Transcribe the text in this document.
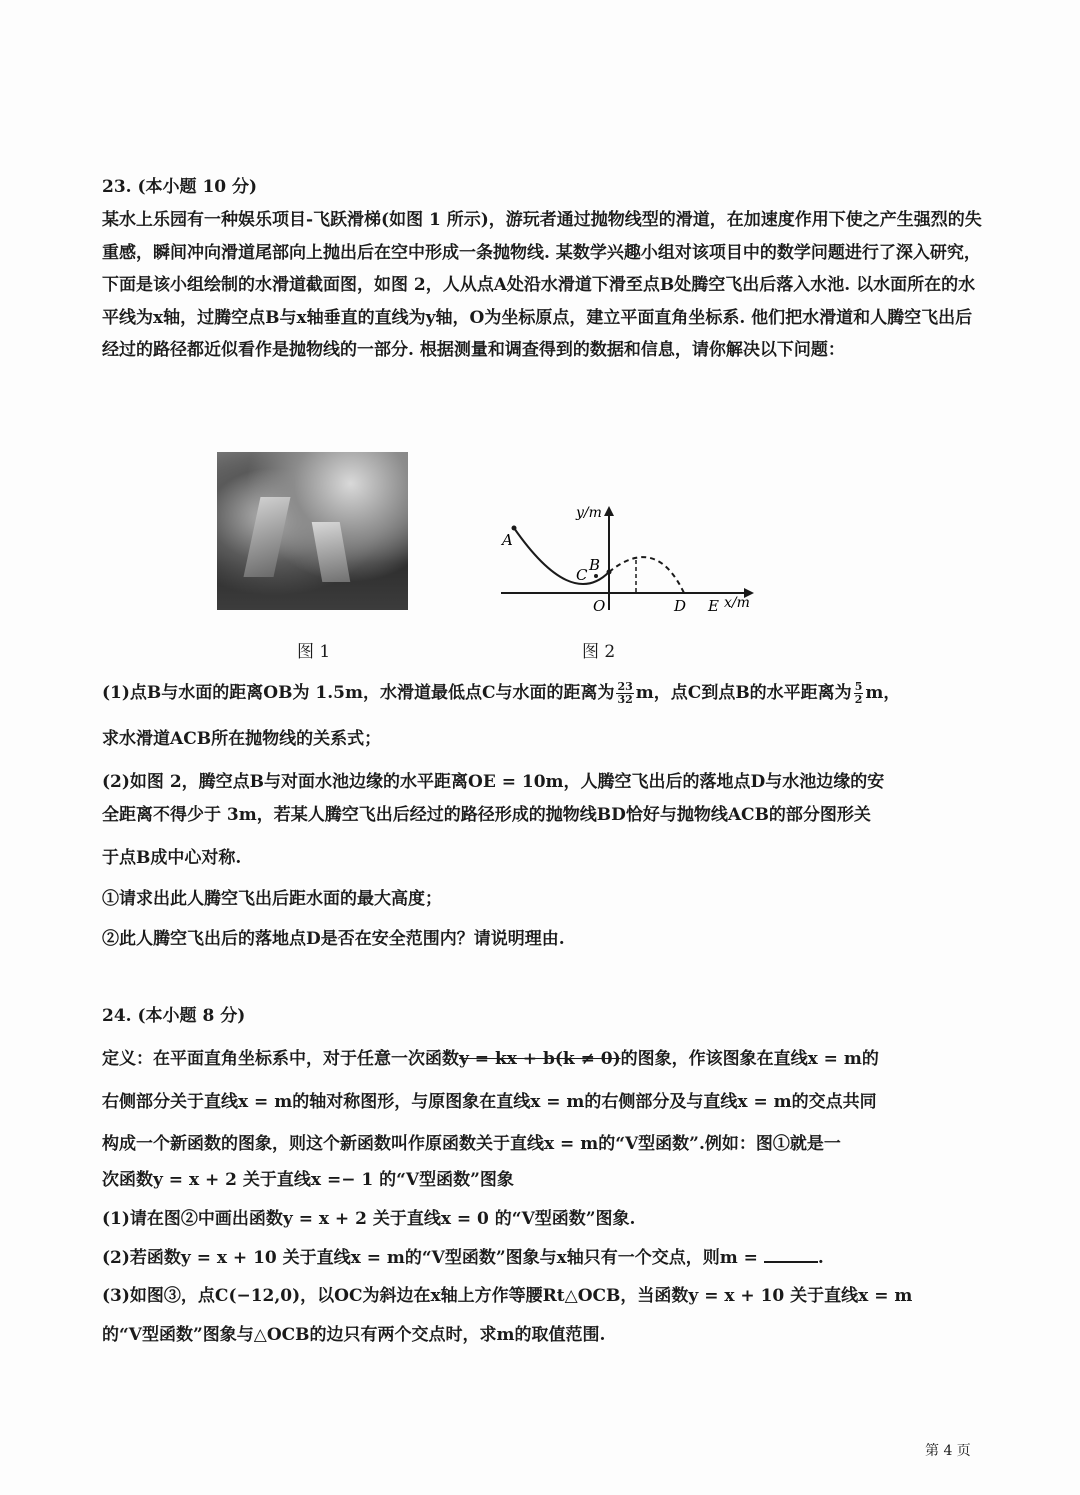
23. (本小题 10 分)
某水上乐园有一种娱乐项目-飞跃滑梯(如图 1 所示)，游玩者通过抛物线型的滑道，在加速度作用下使之产生强烈的失重感，瞬间冲向滑道尾部向上抛出后在空中形成一条抛物线. 某数学兴趣小组对该项目中的数学问题进行了深入研究，下面是该小组绘制的水滑道截面图，如图 2，人从点A处沿水滑道下滑至点B处腾空飞出后落入水池. 以水面所在的水平线为x轴，过腾空点B与x轴垂直的直线为y轴，O为坐标原点，建立平面直角坐标系. 他们把水滑道和人腾空飞出后经过的路径都近似看作是抛物线的一部分. 根据测量和调查得到的数据和信息，请你解决以下问题：
图 1
y/m
A
C
B
O	D E x/m
图 2
(1)点B与水面的距离OB为 1.5m，水滑道最低点C与水面的距离为 $\frac{23}{32}$ m，点C到点B的水平距离为 $\frac{5}{2}$ m，
求水滑道ACB所在抛物线的关系式；
(2)如图 2，腾空点B与对面水池边缘的水平距离OE = 10m，人腾空飞出后的落地点D与水池边缘的安
全距离不得少于 3m，若某人腾空飞出后经过的路径形成的抛物线BD恰好与抛物线ACB的部分图形关
于点B成中心对称.
①请求出此人腾空飞出后距水面的最大高度；
②此人腾空飞出后的落地点D是否在安全范围内？请说明理由.
24. (本小题 8 分)
定义：在平面直角坐标系中，对于任意一次函数y = kx + b(k ≠ 0)的图象，作该图象在直线x = m的
右侧部分关于直线x = m的轴对称图形，与原图象在直线x = m的右侧部分及与直线x = m的交点共同
构成一个新函数的图象，则这个新函数叫作原函数关于直线x = m的“V型函数”.例如：图①就是一
次函数y = x + 2 关于直线x =− 1 的“V型函数”图象
(1)请在图②中画出函数y = x + 2 关于直线x = 0 的“V型函数”图象.
(2)若函数y = x + 10 关于直线x = m的“V型函数”图象与x轴只有一个交点，则m =	.
(3)如图③，点C(−12,0)，以OC为斜边在x轴上方作等腰Rt△OCB，当函数y = x + 10 关于直线x = m
的“V型函数”图象与△OCB的边只有两个交点时，求m的取值范围.
第 4 页
